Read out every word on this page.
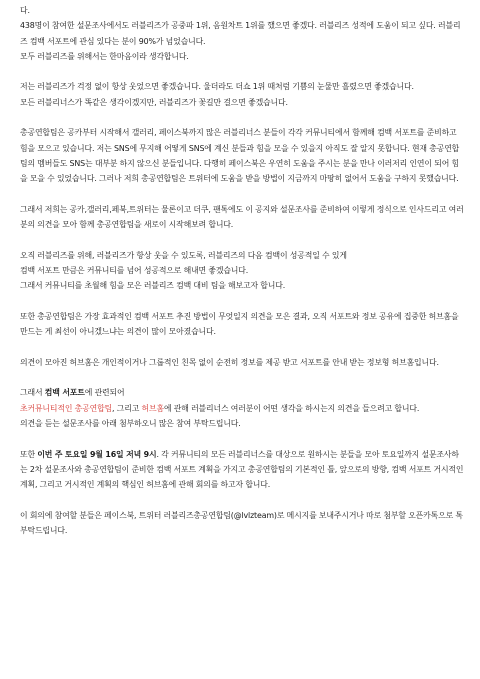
다.

438명이 참여한 설문조사에서도 러블리즈가 공중파 1위, 음원차트 1위를 했으면 좋겠다. 러블리즈 성적에 도움이 되고 싶다. 러블리즈 컴백 서포트에 관심 있다는 분이 90%가 넘었습니다.

모두 러블리즈를 위해서는 한마음이라 생각합니다.

저는 러블리즈가 걱정 없이 항상 웃었으면 좋겠습니다. 울더라도 더쇼 1위 때처럼 기쁨의 눈물만 흘렸으면 좋겠습니다.

모든 러블리너스가 똑같은 생각이겠지만, 러블리즈가 꽃길만 걸으면 좋겠습니다.

총공연합팀은 공카부터 시작해서 갤러리, 페이스북까지 많은 러블리너스 분들이 각각 커뮤니티에서 함께해 컴백 서포트를 준비하고 힘을 모으고 있습니다. 저는 SNS에 무지해 어떻게 SNS에 계신 분들과 힘을 모을 수 있을지 아직도 잘 알지 못합니다. 현재 총공연합팀의 멤버들도 SNS는 대부분 하지 않으신 분들입니다. 다행히 페이스북은 우연히 도움을 주시는 분을 만나 이러저리 인연이 되어 힘을 모을 수 있었습니다. 그러나 저희 총공연합팀은 트위터에 도움을 받을 방법이 지금까지 마땅히 없어서 도움을 구하지 못했습니다.

그래서 저희는 공카,갤러리,페북,트위터는 물론이고 더쿠, 팬톡에도 이 공지와 설문조사를 준비하여 이렇게 정식으로 인사드리고 여러분의 의견을 모아 함께 총공연합팀을 새로이 시작해보려 합니다.

오직 러블리즈를 위해, 러블리즈가 항상 웃을 수 있도록, 러블리즈의 다음 컴백이 성공적일 수 있게

컴백 서포트 만큼은 커뮤니티를 넘어 성공적으로 해내면 좋겠습니다.

그래서 커뮤니티를 초월해 힘을 모은 러블리즈 컴백 대비 팀을 해보고자 합니다.

또한 총공연합팀은 가장 효과적인 컴백 서포트 추진 방법이 무엇일지 의견을 모은 결과, 오직 서포트와 정보 공유에 집중한 허브홈을 만드는 게 최선이 아니겠느냐는 의견이 많이 모아졌습니다.

의견이 모아진 허브홈은 개인적이거나 그룹적인 친목 없이 순전히 정보를 제공 받고 서포트를 안내 받는 정보형 허브홈입니다.

그래서 컴백 서포트에 관련되어

초커뮤니티적인 총공연합팀, 그리고 허브홈에 관해 러블리너스 여러분이 어떤 생각을 하시는지 의견을 들으려고 합니다.

의견을 듣는 설문조사를 아래 첨부하오니 많은 참여 부탁드립니다.

또한 이번 주 토요일 9월 16일 저녁 9시. 각 커뮤니티의 모든 러블리너스를 대상으로 원하시는 분들을 모아 토요일까지 설문조사하는 2차 설문조사와 총공연합팀이 준비한 컴백 서포트 계획을 가지고 총공연합팀의 기본적인 틀, 앞으로의 방향, 컴백 서포트 거시적인 계획, 그리고 거시적인 계획의 핵심인 허브홈에 관해 회의를 하고자 합니다.

이 회의에 참여할 분들은 페이스북, 트위터 러블리즈총공연합팀(@lvlzteam)로 메시지를 보내주시거나 따로 첨부할 오픈카톡으로 톡 부탁드립니다.
